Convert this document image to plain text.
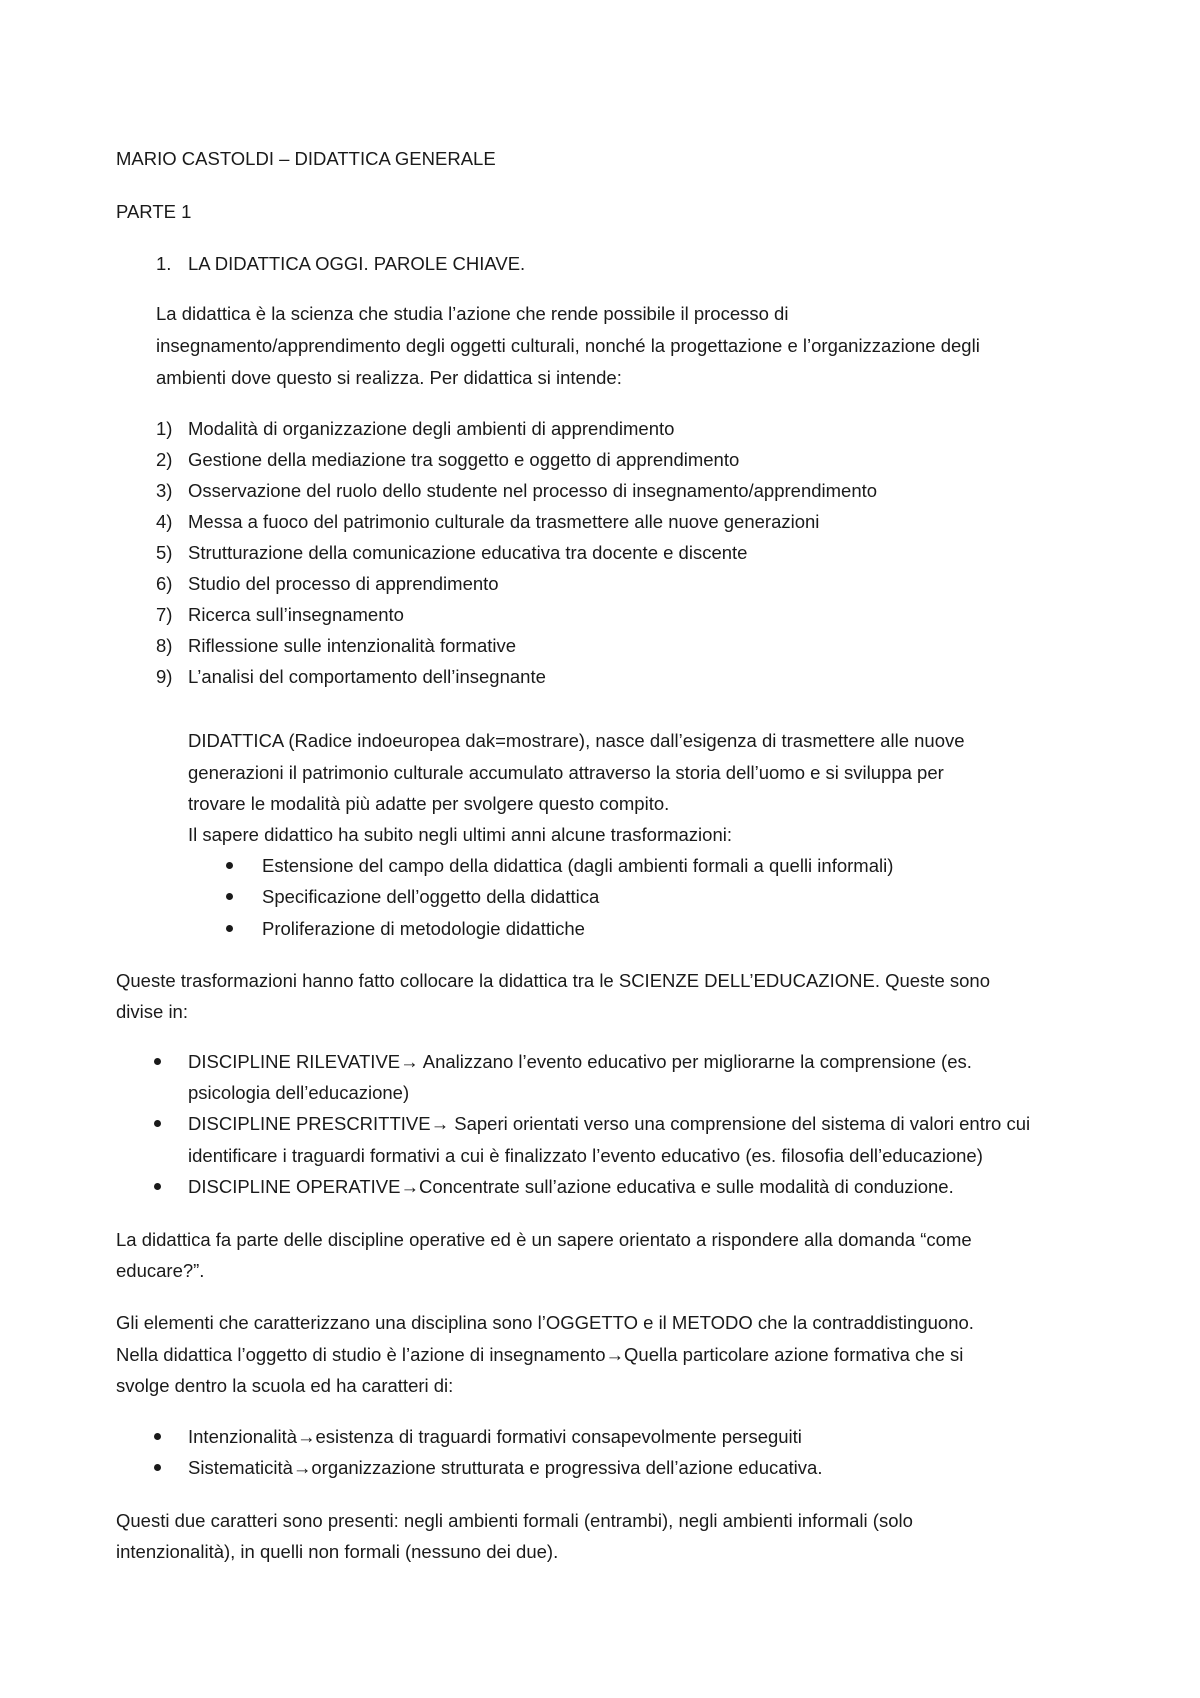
MARIO CASTOLDI – DIDATTICA GENERALE
PARTE 1
1. LA DIDATTICA OGGI. PAROLE CHIAVE.
La didattica è la scienza che studia l’azione che rende possibile il processo di
insegnamento/apprendimento degli oggetti culturali, nonché la progettazione e l’organizzazione degli
ambienti dove questo si realizza. Per didattica si intende:
1) Modalità di organizzazione degli ambienti di apprendimento
2) Gestione della mediazione tra soggetto e oggetto di apprendimento
3) Osservazione del ruolo dello studente nel processo di insegnamento/apprendimento
4) Messa a fuoco del patrimonio culturale da trasmettere alle nuove generazioni
5) Strutturazione della comunicazione educativa tra docente e discente
6) Studio del processo di apprendimento
7) Ricerca sull’insegnamento
8) Riflessione sulle intenzionalità formative
9) L’analisi del comportamento dell’insegnante
DIDATTICA (Radice indoeuropea dak=mostrare), nasce dall’esigenza di trasmettere alle nuove
generazioni il patrimonio culturale accumulato attraverso la storia dell’uomo e si sviluppa per
trovare le modalità più adatte per svolgere questo compito.
Il sapere didattico ha subito negli ultimi anni alcune trasformazioni:
Estensione del campo della didattica (dagli ambienti formali a quelli informali)
Specificazione dell’oggetto della didattica
Proliferazione di metodologie didattiche
Queste trasformazioni hanno fatto collocare la didattica tra le SCIENZE DELL’EDUCAZIONE. Queste sono
divise in:
DISCIPLINE RILEVATIVE→ Analizzano l’evento educativo per migliorarne la comprensione (es.
psicologia dell’educazione)
DISCIPLINE PRESCRITTIVE→ Saperi orientati verso una comprensione del sistema di valori entro cui
identificare i traguardi formativi a cui è finalizzato l’evento educativo (es. filosofia dell’educazione)
DISCIPLINE OPERATIVE→Concentrate sull’azione educativa e sulle modalità di conduzione.
La didattica fa parte delle discipline operative ed è un sapere orientato a rispondere alla domanda “come
educare?”.
Gli elementi che caratterizzano una disciplina sono l’OGGETTO e il METODO che la contraddistinguono.
Nella didattica l’oggetto di studio è l’azione di insegnamento→Quella particolare azione formativa che si
svolge dentro la scuola ed ha caratteri di:
Intenzionalità→esistenza di traguardi formativi consapevolmente perseguiti
Sistematicità→organizzazione strutturata e progressiva dell’azione educativa.
Questi due caratteri sono presenti: negli ambienti formali (entrambi), negli ambienti informali (solo
intenzionalità), in quelli non formali (nessuno dei due).
